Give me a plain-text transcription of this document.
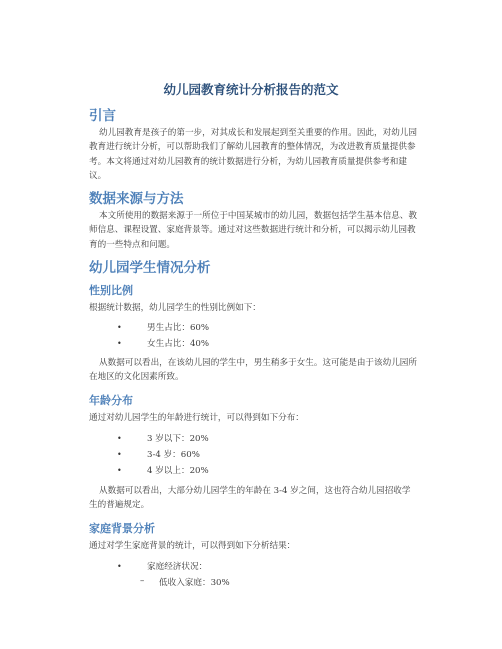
幼儿园教育统计分析报告的范文
引言

幼儿园教育是孩子的第一步，对其成长和发展起到至关重要的作用。因此，对幼儿园教育进行统计分析，可以帮助我们了解幼儿园教育的整体情况，为改进教育质量提供参考。本文将通过对幼儿园教育的统计数据进行分析，为幼儿园教育质量提供参考和建议。

数据来源与方法

本文所使用的数据来源于一所位于中国某城市的幼儿园，数据包括学生基本信息、教师信息、课程设置、家庭背景等。通过对这些数据进行统计和分析，可以揭示幼儿园教育的一些特点和问题。

幼儿园学生情况分析
性别比例

根据统计数据，幼儿园学生的性别比例如下：

•	男生占比：60%
•	女生占比：40%

从数据可以看出，在该幼儿园的学生中，男生稍多于女生。这可能是由于该幼儿园所在地区的文化因素所致。

年龄分布

通过对幼儿园学生的年龄进行统计，可以得到如下分布：

•	3 岁以下：20%
•	3-4 岁：60%
•	4 岁以上：20%

从数据可以看出，大部分幼儿园学生的年龄在 3-4 岁之间，这也符合幼儿园招收学生的普遍规定。

家庭背景分析

通过对学生家庭背景的统计，可以得到如下分析结果：

•	家庭经济状况：
– 低收入家庭：30%
